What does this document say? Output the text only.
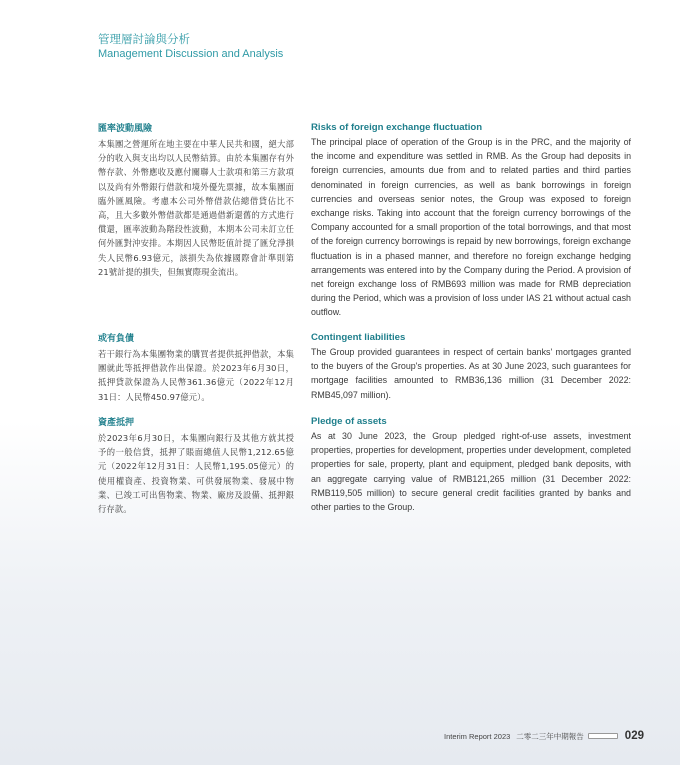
管理層討論與分析
Management Discussion and Analysis
匯率波動風險

本集團之營運所在地主要在中華人民共和國，絕大部分的收入與支出均以人民幣結算。由於本集團存有外幣存款、外幣應收及應付關聯人士款項和第三方款項以及尚有外幣銀行借款和境外優先票據，故本集團面臨外匯風險。考慮本公司外幣借款佔總借貸佔比不高，且大多數外幣借款都是通過借新還舊的方式進行償還，匯率波動為階段性波動，本期本公司未訂立任何外匯對沖安排。本期因人民幣貶值計提了匯兌淨損失人民幣6.93億元，該損失為依據國際會計準則第21號計提的損失，但無實際現金流出。

Risks of foreign exchange fluctuation

The principal place of operation of the Group is in the PRC, and the majority of the income and expenditure was settled in RMB. As the Group had deposits in foreign currencies, amounts due from and to related parties and third parties denominated in foreign currencies, as well as bank borrowings in foreign currencies and overseas senior notes, the Group was exposed to foreign exchange risks. Taking into account that the foreign currency borrowings of the Company accounted for a small proportion of the total borrowings, and that most of the foreign currency borrowings is repaid by new borrowings, foreign exchange fluctuation is in a phased manner, and therefore no foreign exchange hedging arrangements was entered into by the Company during the Period. A provision of net foreign exchange loss of RMB693 million was made for RMB depreciation during the Period, which was a provision of loss under IAS 21 without actual cash outflow.

或有負債

若干銀行為本集團物業的購買者提供抵押借款，本集團就此等抵押借款作出保證。於2023年6月30日，抵押貸款保證為人民幣361.36億元（2022年12月31日：人民幣450.97億元）。

Contingent liabilities

The Group provided guarantees in respect of certain banks' mortgages granted to the buyers of the Group's properties. As at 30 June 2023, such guarantees for mortgage facilities amounted to RMB36,136 million (31 December 2022: RMB45,097 million).

資產抵押

於2023年6月30日，本集團向銀行及其他方就其授予的一般信貸，抵押了賬面總值人民幣1,212.65億元（2022年12月31日：人民幣1,195.05億元）的使用權資產、投資物業、可供發展物業、發展中物業、已竣工可出售物業、物業、廠房及設備、抵押銀行存款。

Pledge of assets

As at 30 June 2023, the Group pledged right-of-use assets, investment properties, properties for development, properties under development, completed properties for sale, property, plant and equipment, pledged bank deposits, with an aggregate carrying value of RMB121,265 million (31 December 2022: RMB119,505 million) to secure general credit facilities granted by banks and other parties to the Group.

Interim Report 2023 二零二三年中期報告	029
